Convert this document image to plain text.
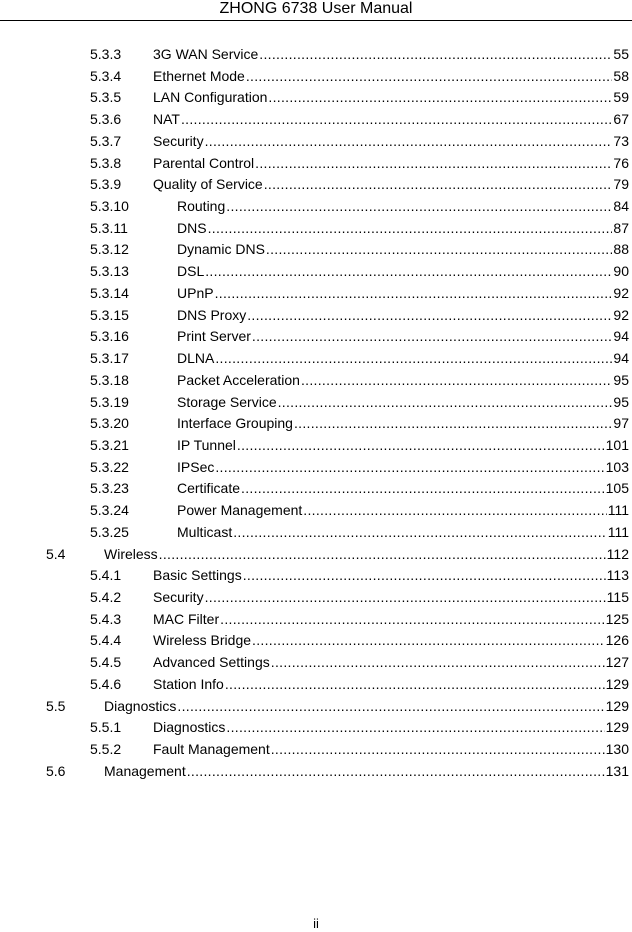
ZHONG 6738 User Manual
5.3.3 3G WAN Service .....	55
5.3.4 Ethernet Mode .....	58
5.3.5 LAN Configuration .....	59
5.3.6 NAT .....	67
5.3.7 Security .....	73
5.3.8 Parental Control .....	76
5.3.9 Quality of Service .....	79
5.3.10	Routing .....	84
5.3.11	DNS .....	87
5.3.12	Dynamic DNS .....	88
5.3.13	DSL .....	90
5.3.14	UPnP .....	92
5.3.15	DNS Proxy .....	92
5.3.16	Print Server .....	94
5.3.17	DLNA .....	94
5.3.18	Packet Acceleration .....	95
5.3.19	Storage Service .....	95
5.3.20	Interface Grouping .....	97
5.3.21	IP Tunnel .....	101
5.3.22	IPSec .....	103
5.3.23	Certificate .....	105
5.3.24	Power Management .....	111
5.3.25	Multicast .....	111
5.4	Wireless .....	112
5.4.1 Basic Settings .....	113
5.4.2 Security .....	115
5.4.3 MAC Filter .....	125
5.4.4 Wireless Bridge .....	126
5.4.5 Advanced Settings .....	127
5.4.6 Station Info .....	129
5.5	Diagnostics .....	129
5.5.1 Diagnostics .....	129
5.5.2 Fault Management .....	130
5.6	Management .....	131
ii
